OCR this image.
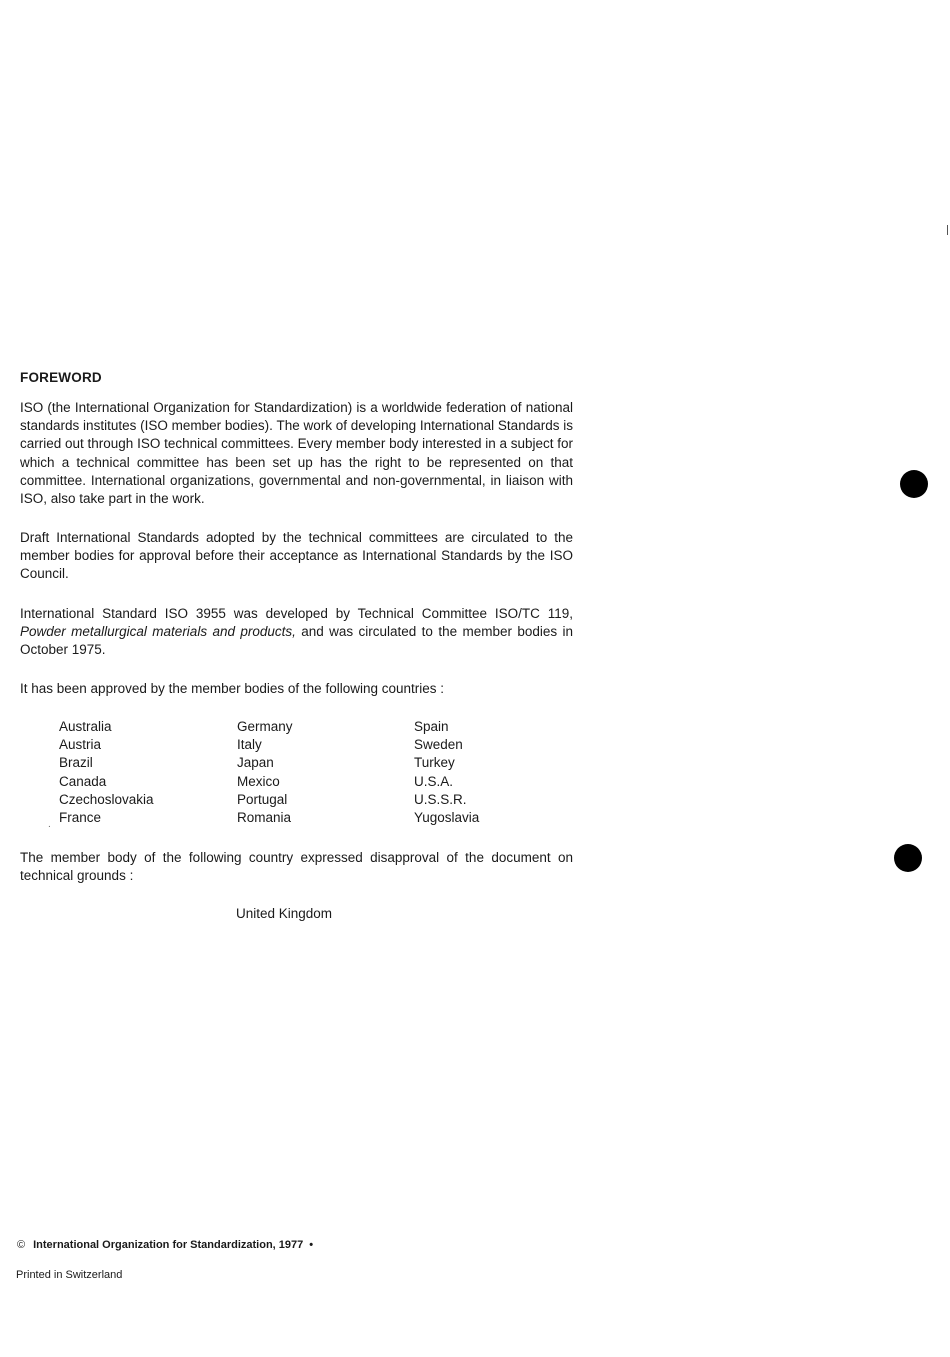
FOREWORD

ISO (the International Organization for Standardization) is a worldwide federation of national standards institutes (ISO member bodies). The work of developing International Standards is carried out through ISO technical committees. Every member body interested in a subject for which a technical committee has been set up has the right to be represented on that committee. International organizations, governmental and non-governmental, in liaison with ISO, also take part in the work.

Draft International Standards adopted by the technical committees are circulated to the member bodies for approval before their acceptance as International Standards by the ISO Council.

International Standard ISO 3955 was developed by Technical Committee ISO/TC 119, Powder metallurgical materials and products, and was circulated to the member bodies in October 1975.

It has been approved by the member bodies of the following countries :

Australia
Austria
Brazil
Canada
Czechoslovakia
France
Germany
Italy
Japan
Mexico
Portugal
Romania
Spain
Sweden
Turkey
U.S.A.
U.S.S.R.
Yugoslavia
.

The member body of the following country expressed disapproval of the document on technical grounds :

United Kingdom
© International Organization for Standardization, 1977 •
Printed in Switzerland
